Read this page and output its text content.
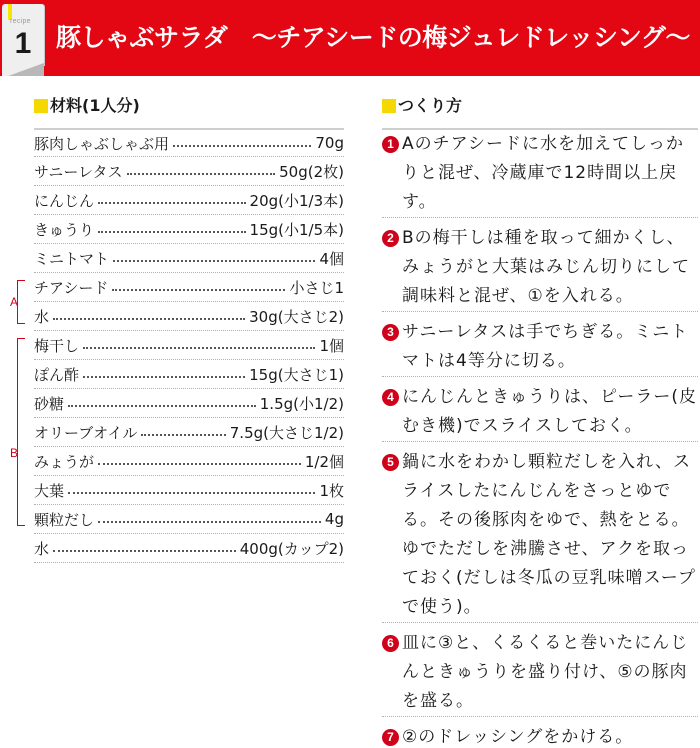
recipe
1 豚しゃぶサラダ　～チアシードの梅ジュレドレッシング～
材料(1人分)	つくり方
A
B
豚肉しゃぶしゃぶ用	70g
サニーレタス	50g(2枚)
にんじん	20g(小1/3本)
きゅうり	15g(小1/5本)
ミニトマト	4個
チアシード	小さじ1
水	30g(大さじ2)
梅干し	1個
ぽん酢	15g(大さじ1)
砂糖	1.5g(小1/2)
オリーブオイル	7.5g(大さじ1/2)
みょうが	1/2個
大葉	1枚
顆粒だし	4g
水	400g(カップ2)
1 Aのチアシードに水を加えてしっかりと混ぜ、冷蔵庫で12時間以上戻す。
2 Bの梅干しは種を取って細かくし、みょうがと大葉はみじん切りにして調味料と混ぜ、①を入れる。
3 サニーレタスは手でちぎる。ミニトマトは4等分に切る。
4 にんじんときゅうりは、ピーラー(皮むき機)でスライスしておく。
5 鍋に水をわかし顆粒だしを入れ、スライスしたにんじんをさっとゆでる。その後豚肉をゆで、熱をとる。ゆでただしを沸騰させ、アクを取っておく(だしは冬瓜の豆乳味噌スープで使う)。
6 皿に③と、くるくると巻いたにんじんときゅうりを盛り付け、⑤の豚肉を盛る。
7 ②のドレッシングをかける。
